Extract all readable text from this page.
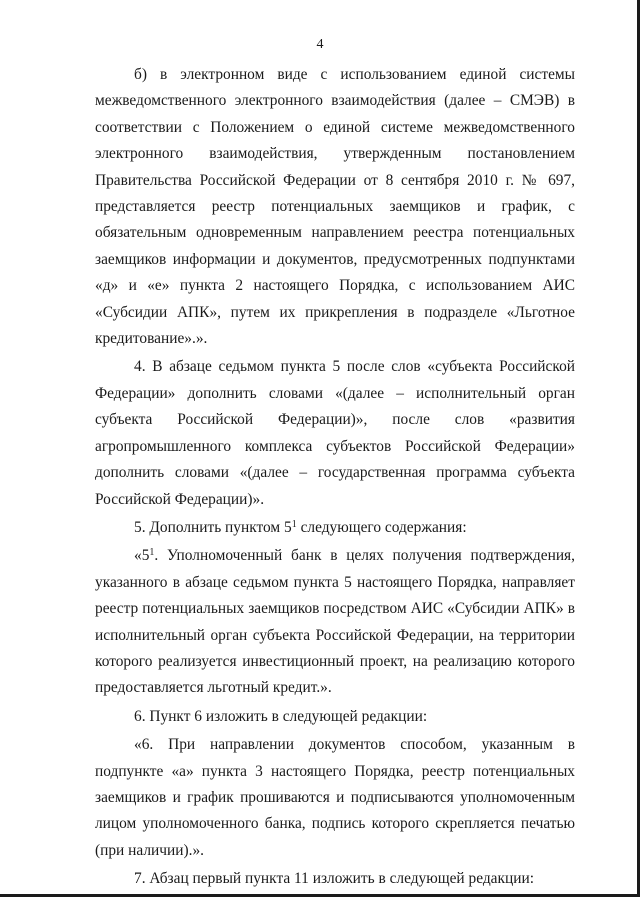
4

б) в электронном виде с использованием единой системы межведомственного электронного взаимодействия (далее – СМЭВ) в соответствии с Положением о единой системе межведомственного электронного взаимодействия, утвержденным постановлением Правительства Российской Федерации от 8 сентября 2010 г. № 697, представляется реестр потенциальных заемщиков и график, с обязательным одновременным направлением реестра потенциальных заемщиков информации и документов, предусмотренных подпунктами «д» и «е» пункта 2 настоящего Порядка, с использованием АИС «Субсидии АПК», путем их прикрепления в подразделе «Льготное кредитование».».

4. В абзаце седьмом пункта 5 после слов «субъекта Российской Федерации» дополнить словами «(далее – исполнительный орган субъекта Российской Федерации)», после слов «развития агропромышленного комплекса субъектов Российской Федерации» дополнить словами «(далее – государственная программа субъекта Российской Федерации)».

5. Дополнить пунктом $5^1$ следующего содержания:

«$5^1$. Уполномоченный банк в целях получения подтверждения, указанного в абзаце седьмом пункта 5 настоящего Порядка, направляет реестр потенциальных заемщиков посредством АИС «Субсидии АПК» в исполнительный орган субъекта Российской Федерации, на территории которого реализуется инвестиционный проект, на реализацию которого предоставляется льготный кредит.».

6. Пункт 6 изложить в следующей редакции:

«6. При направлении документов способом, указанным в подпункте «а» пункта 3 настоящего Порядка, реестр потенциальных заемщиков и график прошиваются и подписываются уполномоченным лицом уполномоченного банка, подпись которого скрепляется печатью (при наличии).».

7. Абзац первый пункта 11 изложить в следующей редакции:
